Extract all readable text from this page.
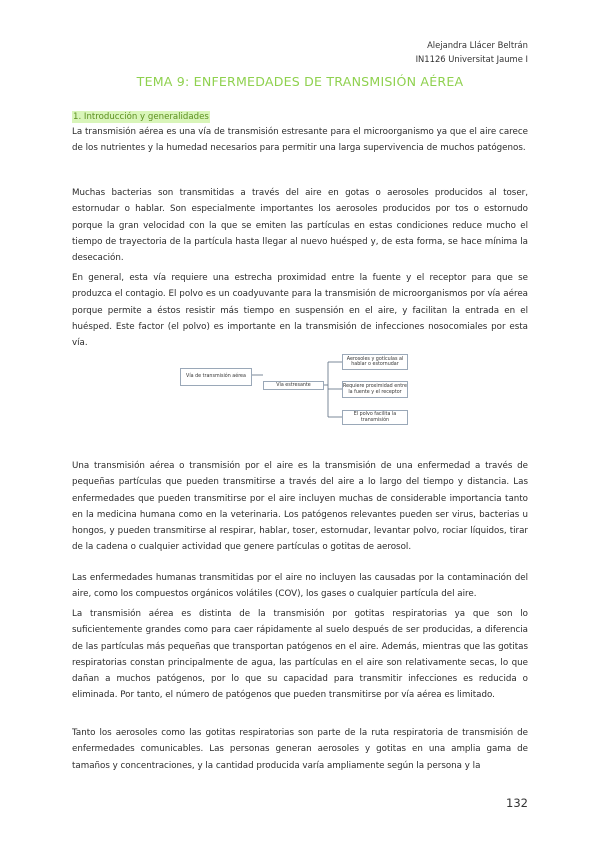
Alejandra Llácer Beltrán
IN1126 Universitat Jaume I
TEMA 9: ENFERMEDADES DE TRANSMISIÓN AÉREA
1. Introducción y generalidades

La transmisión aérea es una vía de transmisión estresante para el microorganismo ya que el aire carece de los nutrientes y la humedad necesarios para permitir una larga supervivencia de muchos patógenos.

Muchas bacterias son transmitidas a través del aire en gotas o aerosoles producidos al toser, estornudar o hablar. Son especialmente importantes los aerosoles producidos por tos o estornudo porque la gran velocidad con la que se emiten las partículas en estas condiciones reduce mucho el tiempo de trayectoria de la partícula hasta llegar al nuevo huésped y, de esta forma, se hace mínima la desecación.

En general, esta vía requiere una estrecha proximidad entre la fuente y el receptor para que se produzca el contagio. El polvo es un coadyuvante para la transmisión de microorganismos por vía aérea porque permite a éstos resistir más tiempo en suspensión en el aire, y facilitan la entrada en el huésped. Este factor (el polvo) es importante en la transmisión de infecciones nosocomiales por esta vía.

Vía de transmisión aérea
Vía estresante
Aerosoles y gotículas al hablar o estornudar
Requiere proximidad entre la fuente y el receptor
El polvo facilita la transmisión

Una transmisión aérea o transmisión por el aire es la transmisión de una enfermedad a través de pequeñas partículas que pueden transmitirse a través del aire a lo largo del tiempo y distancia. Las enfermedades que pueden transmitirse por el aire incluyen muchas de considerable importancia tanto en la medicina humana como en la veterinaria. Los patógenos relevantes pueden ser virus, bacterias u hongos, y pueden transmitirse al respirar, hablar, toser, estornudar, levantar polvo, rociar líquidos, tirar de la cadena o cualquier actividad que genere partículas o gotitas de aerosol.

Las enfermedades humanas transmitidas por el aire no incluyen las causadas por la contaminación del aire, como los compuestos orgánicos volátiles (COV), los gases o cualquier partícula del aire.

La transmisión aérea es distinta de la transmisión por gotitas respiratorias ya que son lo suficientemente grandes como para caer rápidamente al suelo después de ser producidas, a diferencia de las partículas más pequeñas que transportan patógenos en el aire. Además, mientras que las gotitas respiratorias constan principalmente de agua, las partículas en el aire son relativamente secas, lo que dañan a muchos patógenos, por lo que su capacidad para transmitir infecciones es reducida o eliminada. Por tanto, el número de patógenos que pueden transmitirse por vía aérea es limitado.

Tanto los aerosoles como las gotitas respiratorias son parte de la ruta respiratoria de transmisión de enfermedades comunicables. Las personas generan aerosoles y gotitas en una amplia gama de tamaños y concentraciones, y la cantidad producida varía ampliamente según la persona y la

132
